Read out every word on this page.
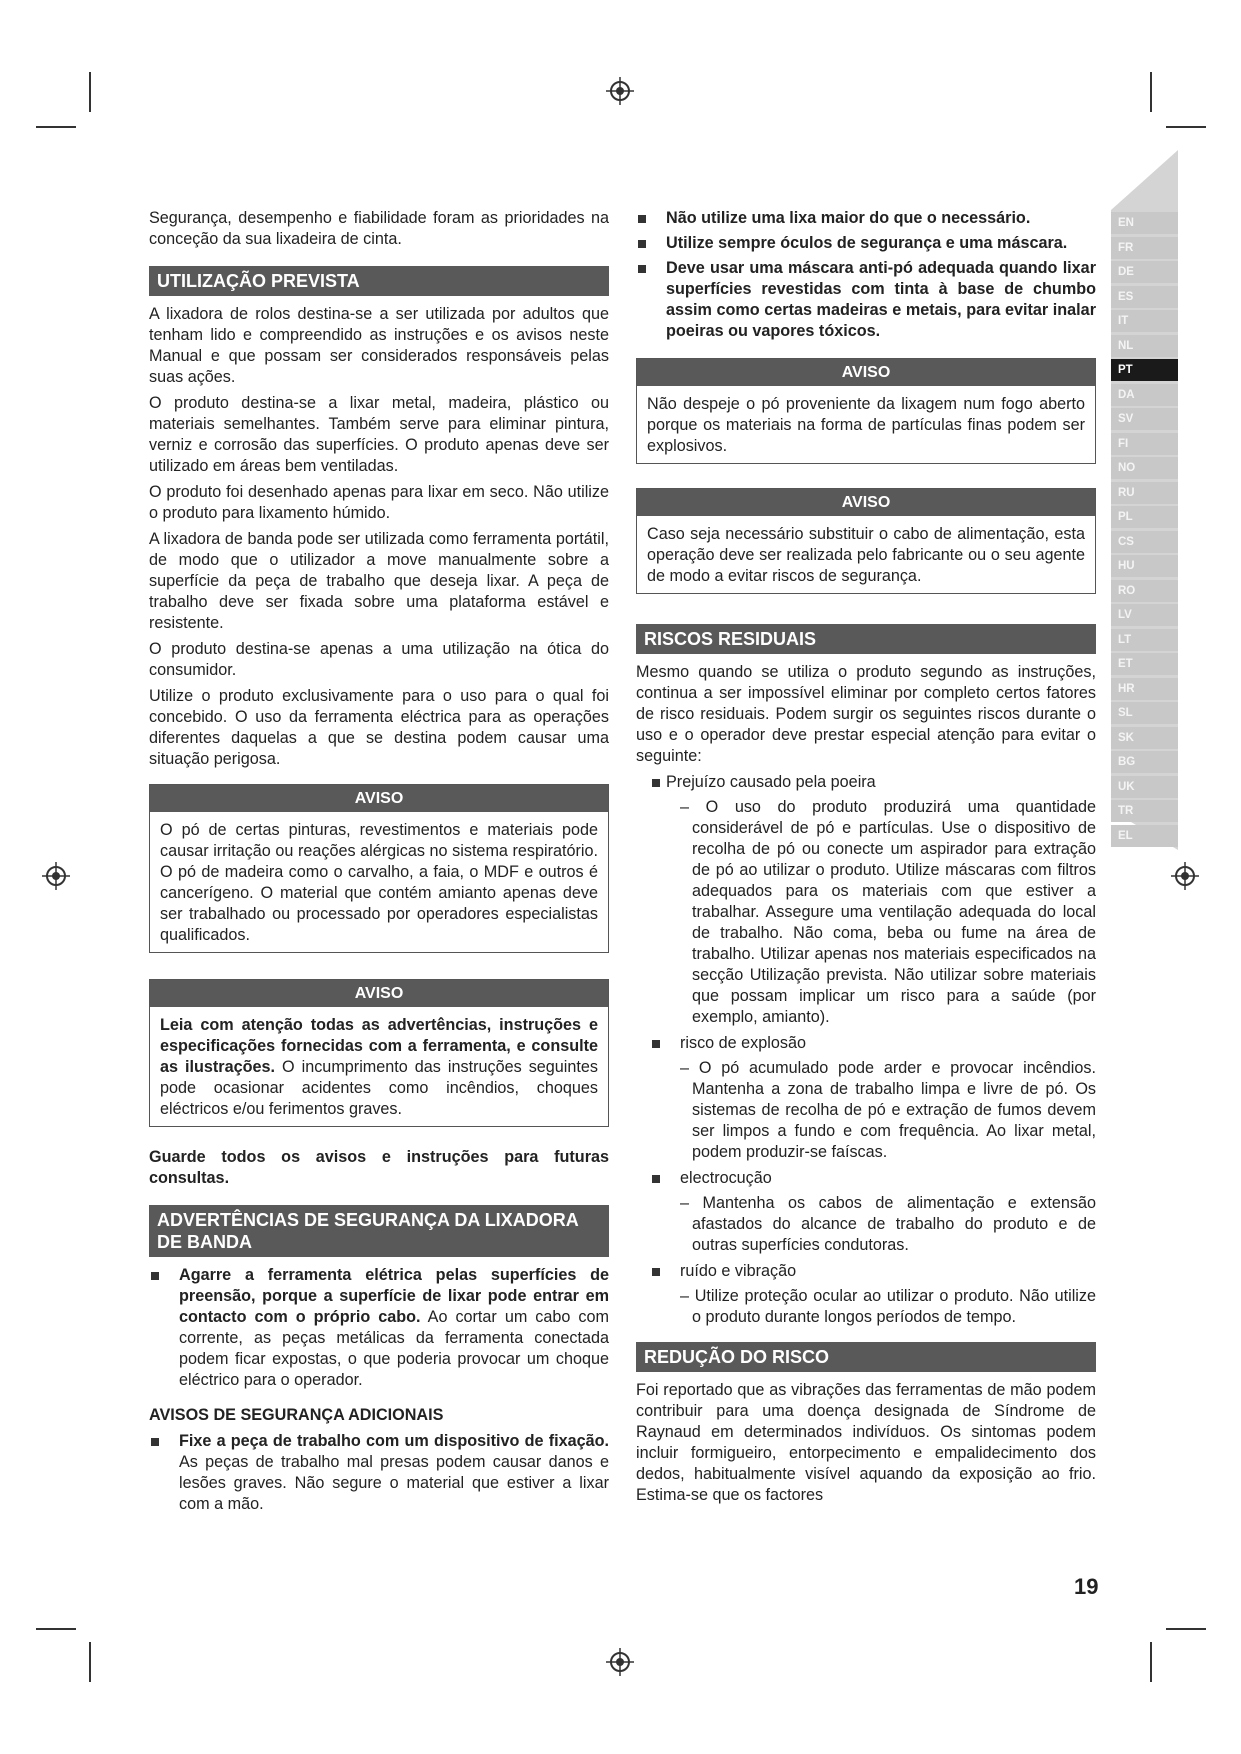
EN
FR
DE
ES
IT
NL
PT
DA
SV
FI
NO
RU
PL
CS
HU
RO
LV
LT
ET
HR
SL
SK
BG
UK
TR
EL

Segurança, desempenho e fiabilidade foram as prioridades na conceção da sua lixadeira de cinta.

UTILIZAÇÃO PREVISTA

A lixadora de rolos destina-se a ser utilizada por adultos que tenham lido e compreendido as instruções e os avisos neste Manual e que possam ser considerados responsáveis pelas suas ações.

O produto destina-se a lixar metal, madeira, plástico ou materiais semelhantes. Também serve para eliminar pintura, verniz e corrosão das superfícies. O produto apenas deve ser utilizado em áreas bem ventiladas.

O produto foi desenhado apenas para lixar em seco. Não utilize o produto para lixamento húmido.

A lixadora de banda pode ser utilizada como ferramenta portátil, de modo que o utilizador a move manualmente sobre a superfície da peça de trabalho que deseja lixar. A peça de trabalho deve ser fixada sobre uma plataforma estável e resistente.

O produto destina-se apenas a uma utilização na ótica do consumidor.

Utilize o produto exclusivamente para o uso para o qual foi concebido. O uso da ferramenta eléctrica para as operações diferentes daquelas a que se destina podem causar uma situação perigosa.

AVISO
O pó de certas pinturas, revestimentos e materiais pode causar irritação ou reações alérgicas no sistema respiratório. O pó de madeira como o carvalho, a faia, o MDF e outros é cancerígeno. O material que contém amianto apenas deve ser trabalhado ou processado por operadores especialistas qualificados.
AVISO
Leia com atenção todas as advertências, instruções e especificações fornecidas com a ferramenta, e consulte as ilustrações. O incumprimento das instruções seguintes pode ocasionar acidentes como incêndios, choques eléctricos e/ou ferimentos graves.

Guarde todos os avisos e instruções para futuras consultas.

ADVERTÊNCIAS DE SEGURANÇA DA LIXADORA DE BANDA
Agarre a ferramenta elétrica pelas superfícies de preensão, porque a superfície de lixar pode entrar em contacto com o próprio cabo. Ao cortar um cabo com corrente, as peças metálicas da ferramenta conectada podem ficar expostas, o que poderia provocar um choque eléctrico para o operador.

AVISOS DE SEGURANÇA ADICIONAIS

Fixe a peça de trabalho com um dispositivo de fixação. As peças de trabalho mal presas podem causar danos e lesões graves. Não segure o material que estiver a lixar com a mão.
Não utilize uma lixa maior do que o necessário.
Utilize sempre óculos de segurança e uma máscara.
Deve usar uma máscara anti-pó adequada quando lixar superfícies revestidas com tinta à base de chumbo assim como certas madeiras e metais, para evitar inalar poeiras ou vapores tóxicos.
AVISO
Não despeje o pó proveniente da lixagem num fogo aberto porque os materiais na forma de partículas finas podem ser explosivos.
AVISO
Caso seja necessário substituir o cabo de alimentação, esta operação deve ser realizada pelo fabricante ou o seu agente de modo a evitar riscos de segurança.
RISCOS RESIDUAIS

Mesmo quando se utiliza o produto segundo as instruções, continua a ser impossível eliminar por completo certos fatores de risco residuais. Podem surgir os seguintes riscos durante o uso e o operador deve prestar especial atenção para evitar o seguinte:

Prejuízo causado pela poeira

– O uso do produto produzirá uma quantidade considerável de pó e partículas. Use o dispositivo de recolha de pó ou conecte um aspirador para extração de pó ao utilizar o produto. Utilize máscaras com filtros adequados para os materiais com que estiver a trabalhar. Assegure uma ventilação adequada do local de trabalho. Não coma, beba ou fume na área de trabalho. Utilizar apenas nos materiais especificados na secção Utilização prevista. Não utilizar sobre materiais que possam implicar um risco para a saúde (por exemplo, amianto).

risco de explosão

– O pó acumulado pode arder e provocar incêndios. Mantenha a zona de trabalho limpa e livre de pó. Os sistemas de recolha de pó e extração de fumos devem ser limpos a fundo e com frequência. Ao lixar metal, podem produzir-se faíscas.

electrocução

– Mantenha os cabos de alimentação e extensão afastados do alcance de trabalho do produto e de outras superfícies condutoras.

ruído e vibração

– Utilize proteção ocular ao utilizar o produto. Não utilize o produto durante longos períodos de tempo.

REDUÇÃO DO RISCO

Foi reportado que as vibrações das ferramentas de mão podem contribuir para uma doença designada de Síndrome de Raynaud em determinados indivíduos. Os sintomas podem incluir formigueiro, entorpecimento e empalidecimento dos dedos, habitualmente visível aquando da exposição ao frio. Estima-se que os factores

19
